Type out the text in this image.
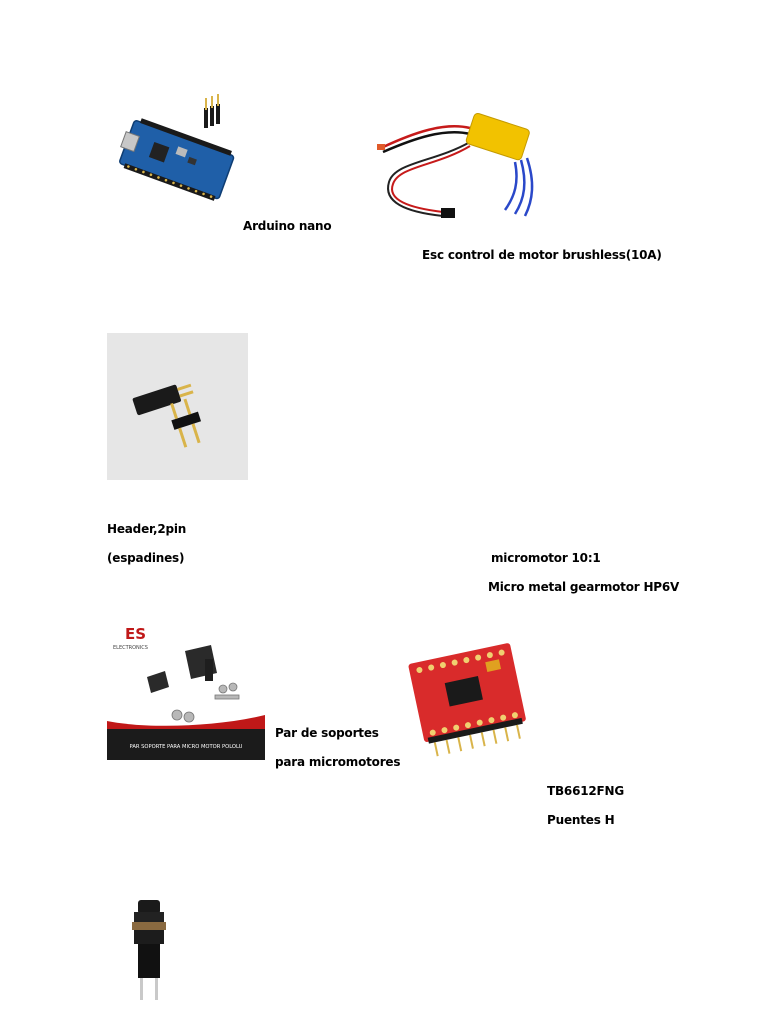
Arduino nano
Esc control de motor brushless(10A)
Header,2pin
(espadines)	micromotor 10:1
Micro metal gearmotor HP6V
ES
ELECTRONICS
PAR SOPORTE PARA MICRO MOTOR POLOLU
Par de soportes
para micromotores
TB6612FNG
Puentes H
